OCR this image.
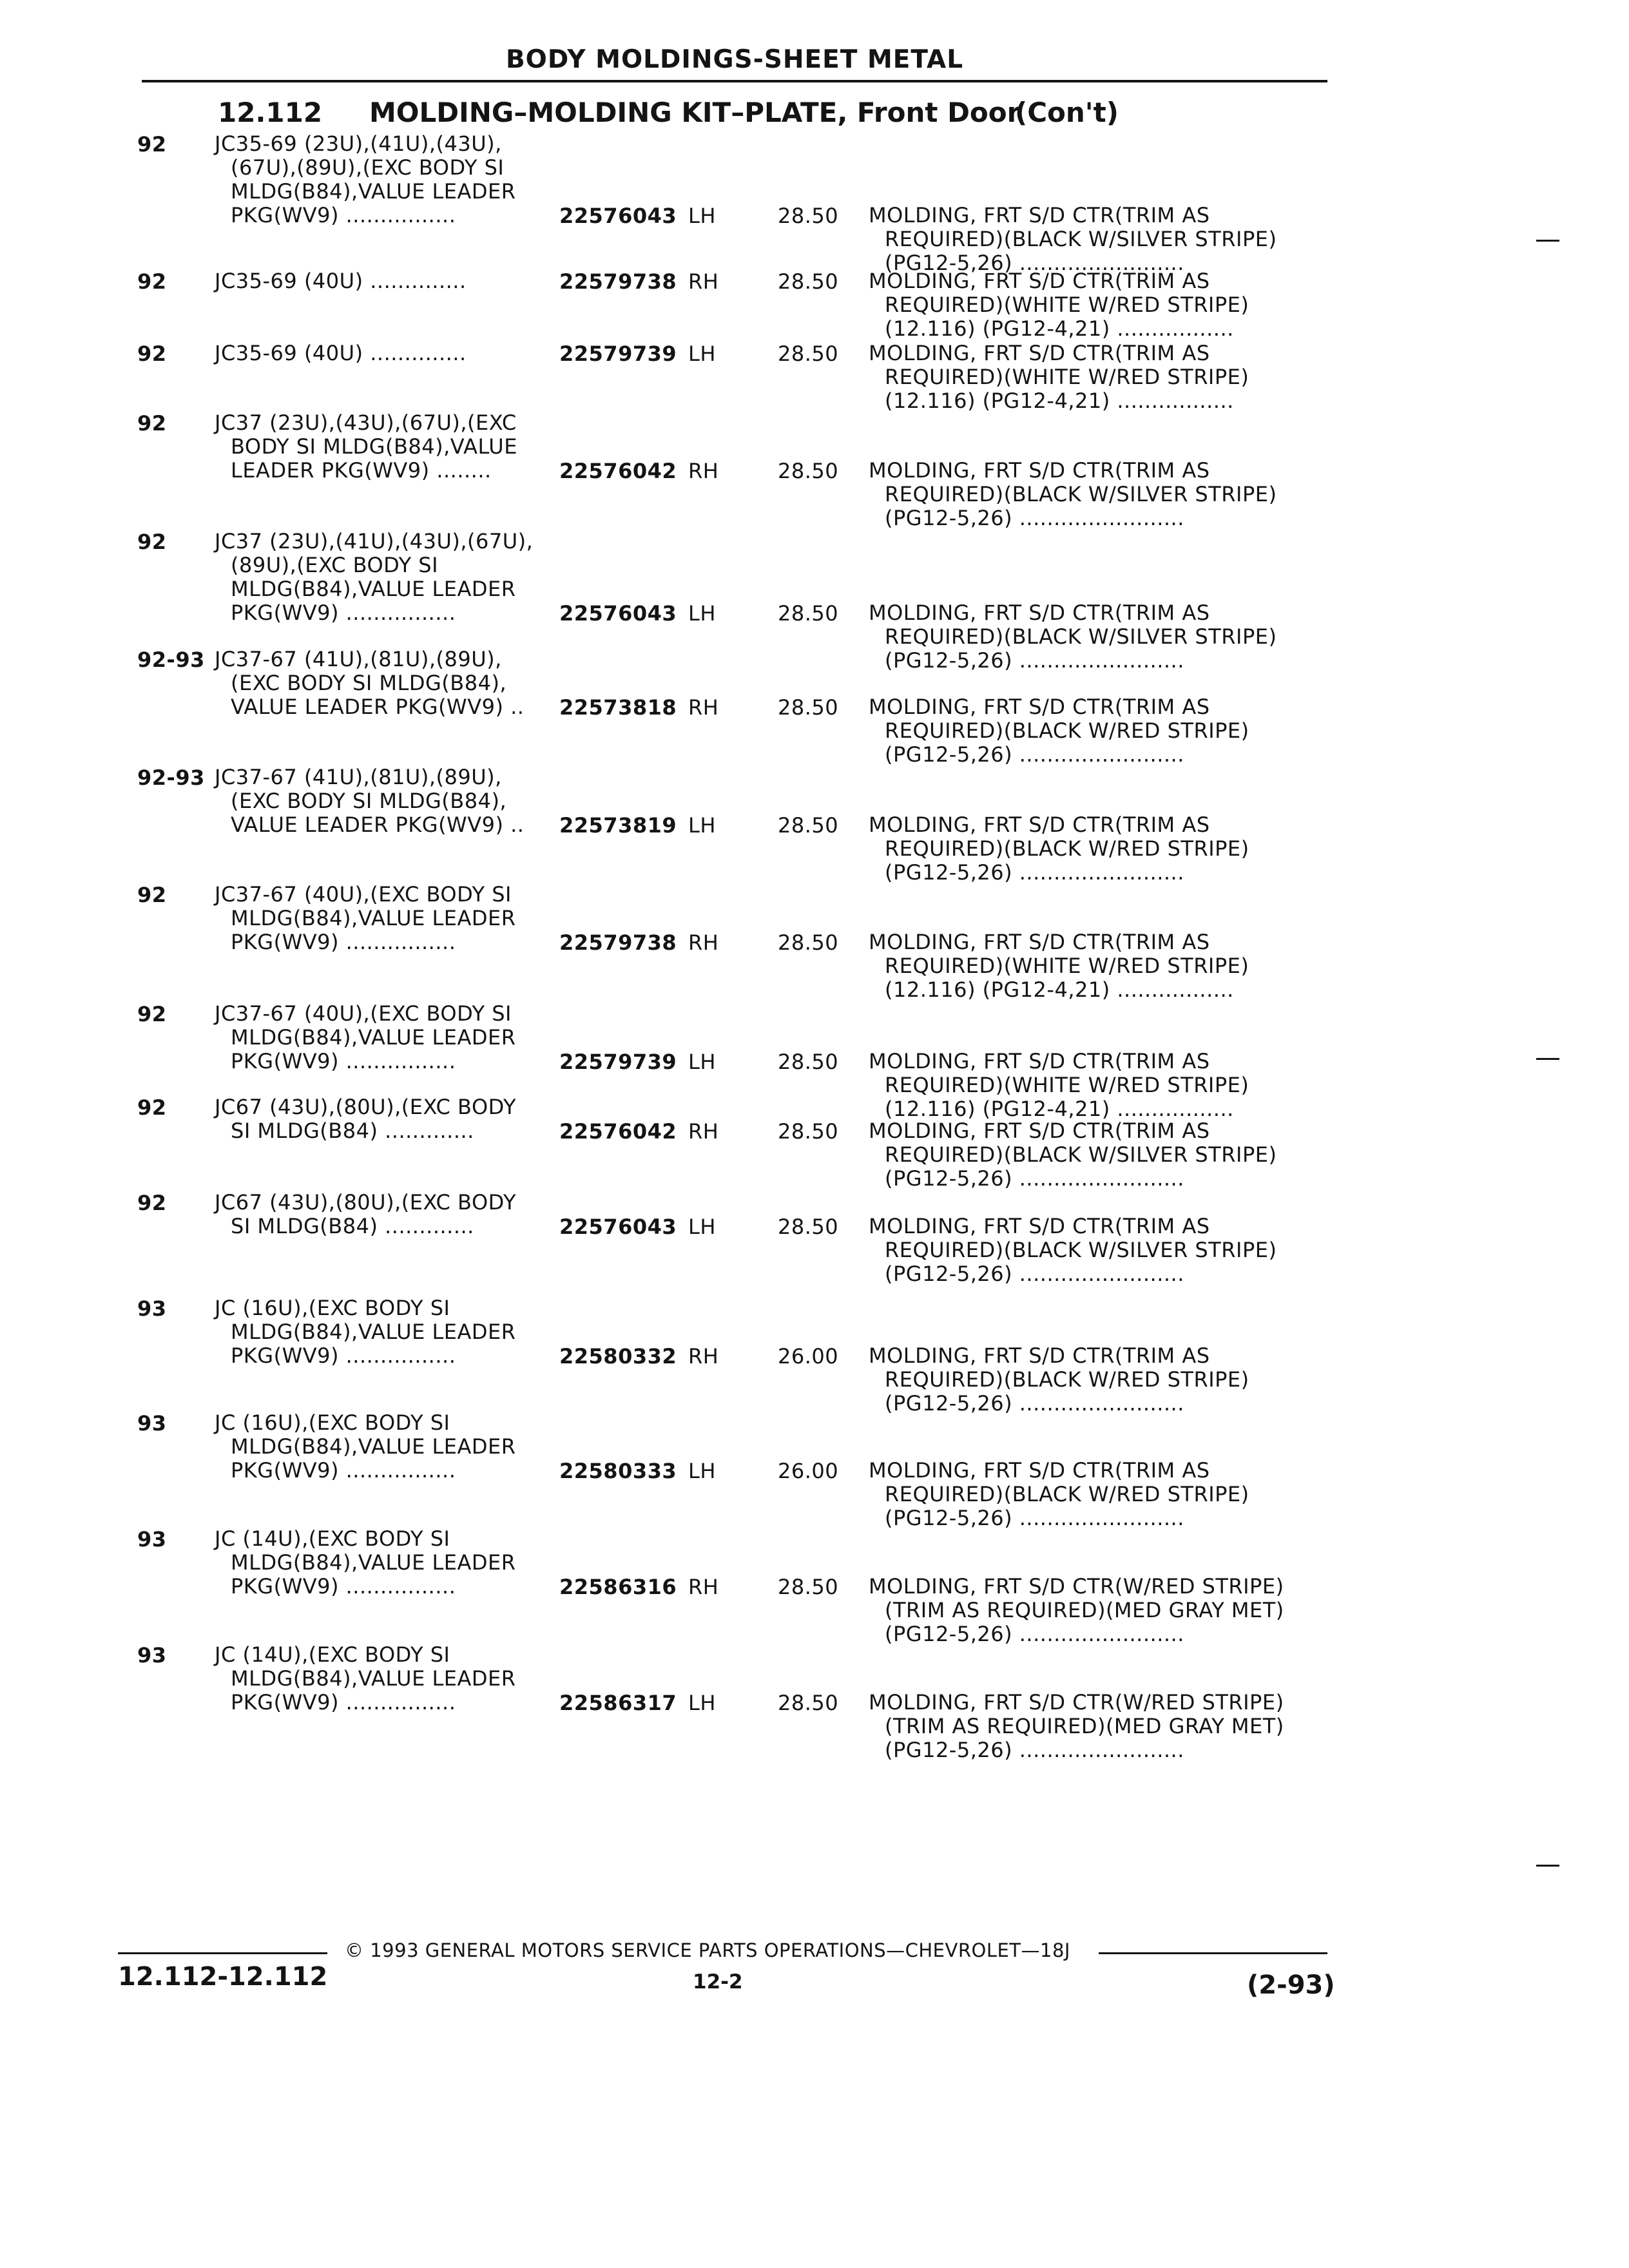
BODY MOLDINGS-SHEET METAL
12.112 MOLDING–MOLDING KIT–PLATE, Front Door
(Con't)
92	JC35-69 (23U),(41U),(43U),
(67U),(89U),(EXC BODY SI
MLDG(B84),VALUE LEADER
PKG(WV9) ................	22576043 LH	28.50 MOLDING, FRT S/D CTR(TRIM AS
REQUIRED)(BLACK W/SILVER STRIPE)
(PG12-5,26) ........................
92	JC35-69 (40U) ..............	22579738 RH	28.50 MOLDING, FRT S/D CTR(TRIM AS
REQUIRED)(WHITE W/RED STRIPE)
(12.116) (PG12-4,21) .................
92	JC35-69 (40U) ..............	22579739 LH	28.50 MOLDING, FRT S/D CTR(TRIM AS
REQUIRED)(WHITE W/RED STRIPE)
(12.116) (PG12-4,21) .................
92	JC37 (23U),(43U),(67U),(EXC
BODY SI MLDG(B84),VALUE
LEADER PKG(WV9) ........	22576042 RH	28.50 MOLDING, FRT S/D CTR(TRIM AS
REQUIRED)(BLACK W/SILVER STRIPE)
(PG12-5,26) ........................
92	JC37 (23U),(41U),(43U),(67U),
(89U),(EXC BODY SI
MLDG(B84),VALUE LEADER
PKG(WV9) ................	22576043 LH	28.50 MOLDING, FRT S/D CTR(TRIM AS
REQUIRED)(BLACK W/SILVER STRIPE)
(PG12-5,26) ........................
92-93 JC37-67 (41U),(81U),(89U),
(EXC BODY SI MLDG(B84),
VALUE LEADER PKG(WV9) ..	22573818 RH	28.50 MOLDING, FRT S/D CTR(TRIM AS
REQUIRED)(BLACK W/RED STRIPE)
(PG12-5,26) ........................
92-93 JC37-67 (41U),(81U),(89U),
(EXC BODY SI MLDG(B84),
VALUE LEADER PKG(WV9) ..	22573819 LH	28.50 MOLDING, FRT S/D CTR(TRIM AS
REQUIRED)(BLACK W/RED STRIPE)
(PG12-5,26) ........................
92	JC37-67 (40U),(EXC BODY SI
MLDG(B84),VALUE LEADER
PKG(WV9) ................	22579738 RH	28.50 MOLDING, FRT S/D CTR(TRIM AS
REQUIRED)(WHITE W/RED STRIPE)
(12.116) (PG12-4,21) .................
92	JC37-67 (40U),(EXC BODY SI
MLDG(B84),VALUE LEADER
PKG(WV9) ................	22579739 LH	28.50 MOLDING, FRT S/D CTR(TRIM AS
REQUIRED)(WHITE W/RED STRIPE)
(12.116) (PG12-4,21) .................
92	JC67 (43U),(80U),(EXC BODY
SI MLDG(B84) .............	22576042 RH	28.50 MOLDING, FRT S/D CTR(TRIM AS
REQUIRED)(BLACK W/SILVER STRIPE)
(PG12-5,26) ........................
92	JC67 (43U),(80U),(EXC BODY
SI MLDG(B84) .............	22576043 LH	28.50 MOLDING, FRT S/D CTR(TRIM AS
REQUIRED)(BLACK W/SILVER STRIPE)
(PG12-5,26) ........................
93	JC (16U),(EXC BODY SI
MLDG(B84),VALUE LEADER
PKG(WV9) ................	22580332 RH	26.00 MOLDING, FRT S/D CTR(TRIM AS
REQUIRED)(BLACK W/RED STRIPE)
(PG12-5,26) ........................
93	JC (16U),(EXC BODY SI
MLDG(B84),VALUE LEADER
PKG(WV9) ................	22580333 LH	26.00 MOLDING, FRT S/D CTR(TRIM AS
REQUIRED)(BLACK W/RED STRIPE)
(PG12-5,26) ........................
93	JC (14U),(EXC BODY SI
MLDG(B84),VALUE LEADER
PKG(WV9) ................	22586316 RH	28.50 MOLDING, FRT S/D CTR(W/RED STRIPE)
(TRIM AS REQUIRED)(MED GRAY MET)
(PG12-5,26) ........................
93	JC (14U),(EXC BODY SI
MLDG(B84),VALUE LEADER
PKG(WV9) ................	22586317 LH	28.50 MOLDING, FRT S/D CTR(W/RED STRIPE)
(TRIM AS REQUIRED)(MED GRAY MET)
(PG12-5,26) ........................
© 1993 GENERAL MOTORS SERVICE PARTS OPERATIONS—CHEVROLET—18J
12.112-12.112	12-2	(2-93)
